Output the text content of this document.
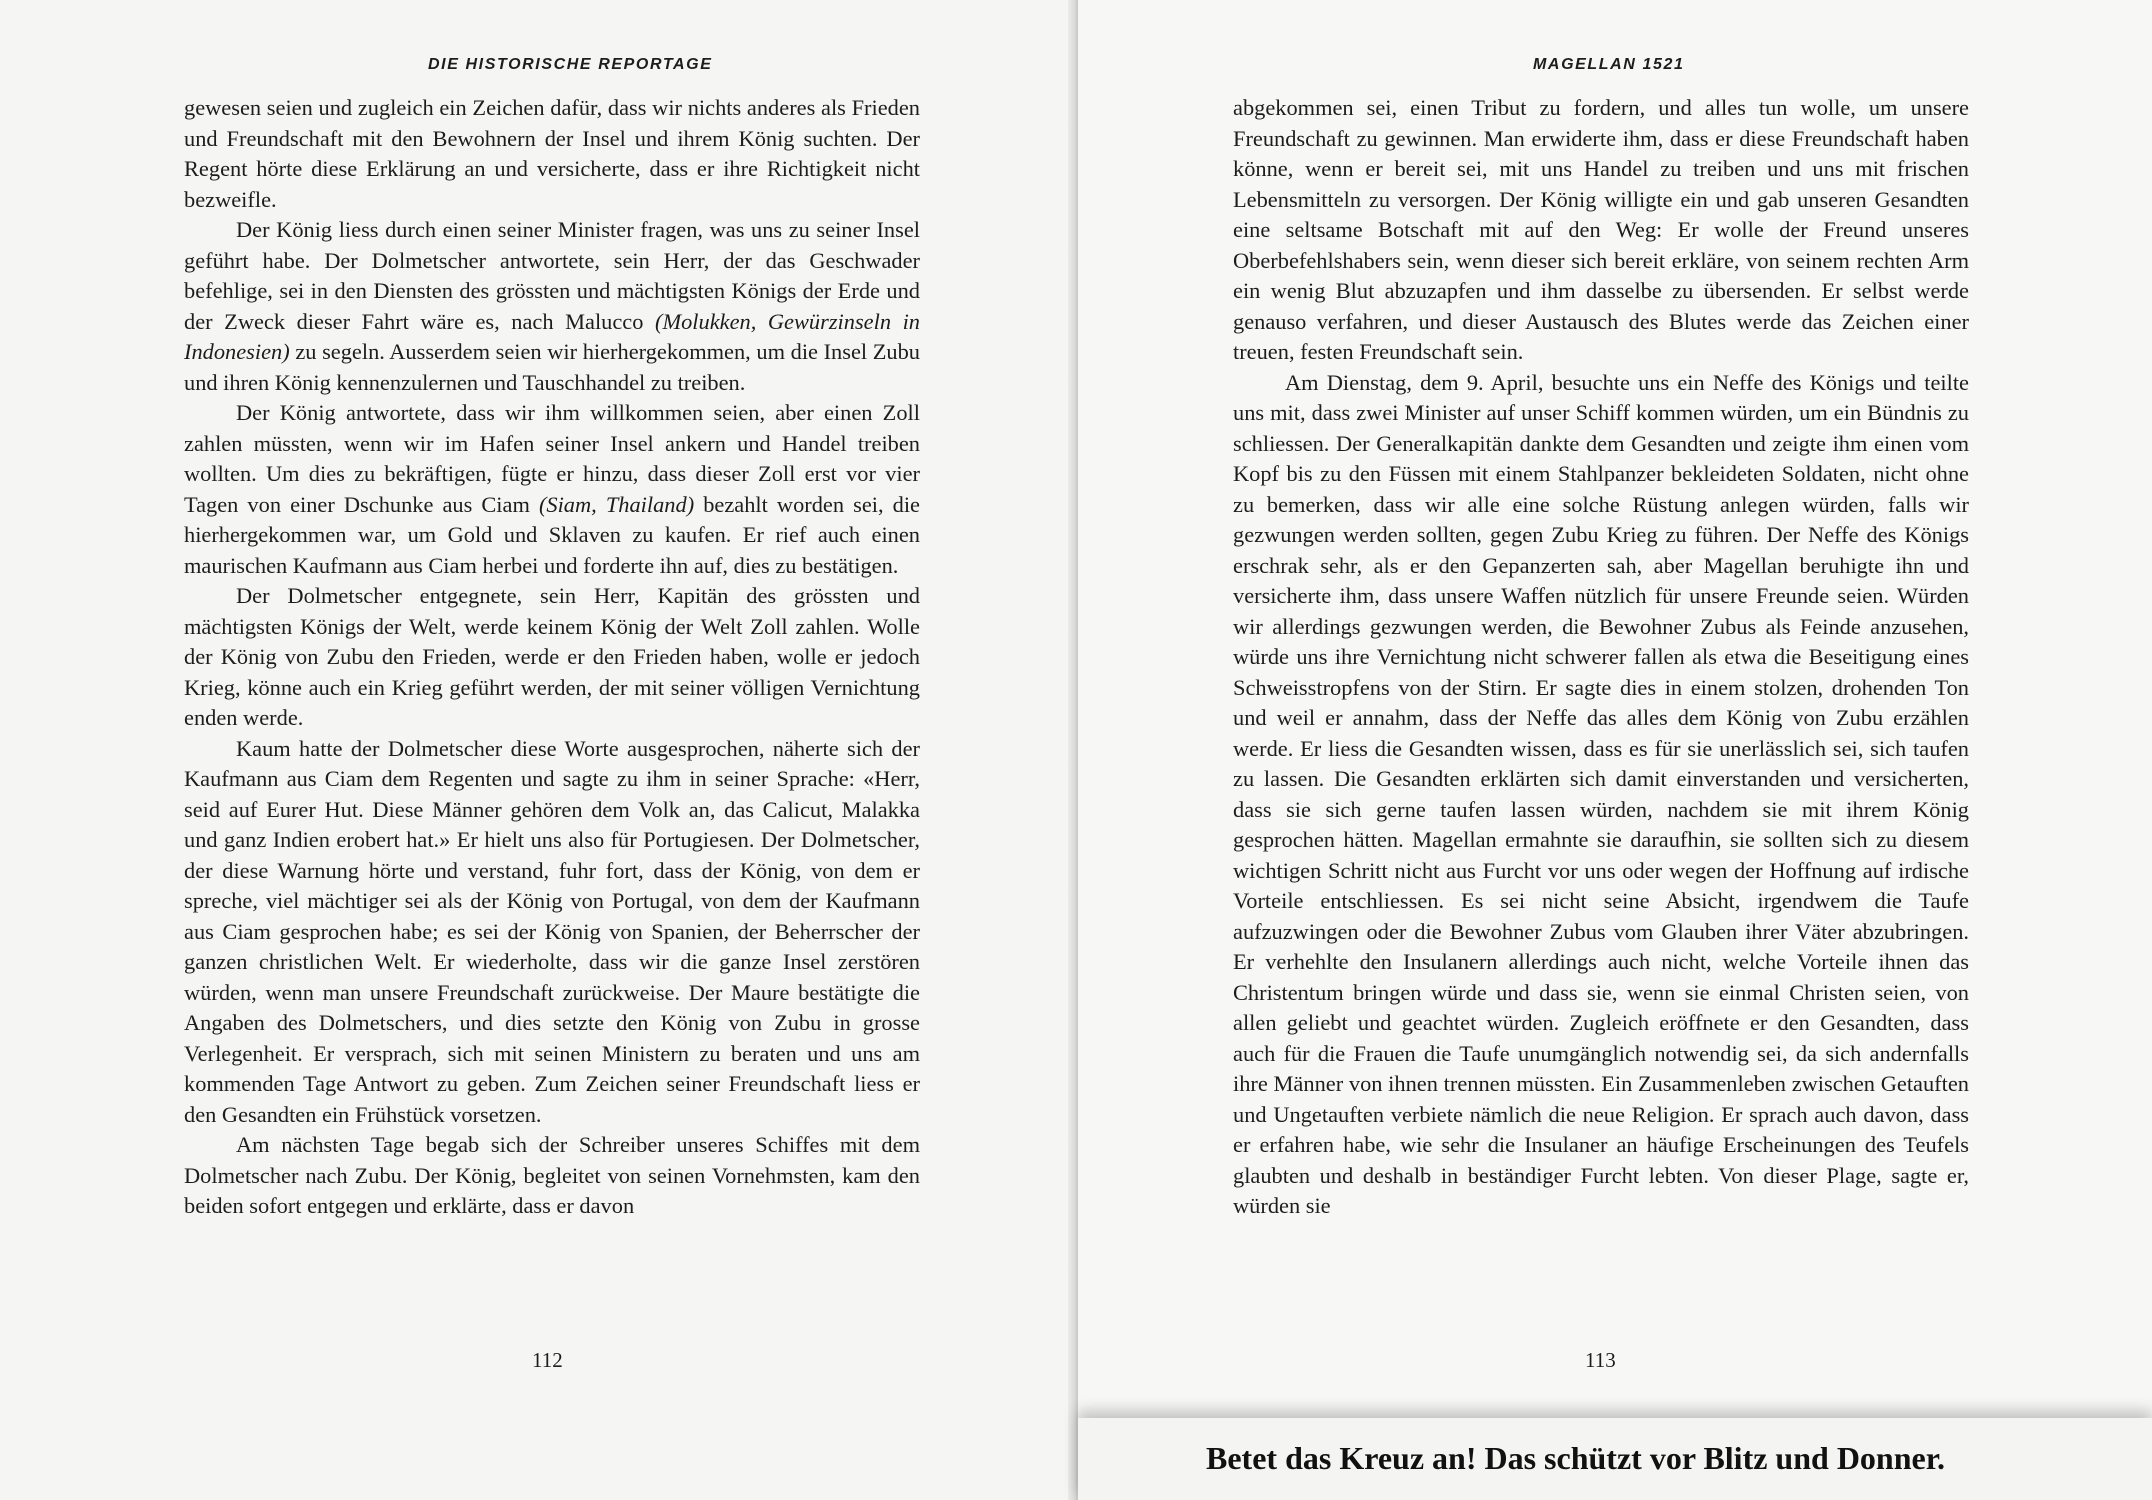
DIE HISTORISCHE REPORTAGE

gewesen seien und zugleich ein Zeichen dafür, dass wir nichts anderes als Frieden und Freundschaft mit den Bewohnern der Insel und ihrem König suchten. Der Regent hörte diese Erklärung an und versicherte, dass er ihre Richtigkeit nicht bezweifle.

Der König liess durch einen seiner Minister fragen, was uns zu seiner Insel geführt habe. Der Dolmetscher antwortete, sein Herr, der das Geschwader befehlige, sei in den Diensten des grössten und mächtigsten Königs der Erde und der Zweck dieser Fahrt wäre es, nach Malucco (Molukken, Gewürzinseln in Indonesien) zu segeln. Ausserdem seien wir hierhergekommen, um die Insel Zubu und ihren König kennenzulernen und Tauschhandel zu treiben.

Der König antwortete, dass wir ihm willkommen seien, aber einen Zoll zahlen müssten, wenn wir im Hafen seiner Insel ankern und Handel treiben wollten. Um dies zu bekräftigen, fügte er hinzu, dass dieser Zoll erst vor vier Tagen von einer Dschunke aus Ciam (Siam, Thailand) bezahlt worden sei, die hierhergekommen war, um Gold und Sklaven zu kaufen. Er rief auch einen maurischen Kaufmann aus Ciam herbei und forderte ihn auf, dies zu bestätigen.

Der Dolmetscher entgegnete, sein Herr, Kapitän des grössten und mächtigsten Königs der Welt, werde keinem König der Welt Zoll zahlen. Wolle der König von Zubu den Frieden, werde er den Frieden haben, wolle er jedoch Krieg, könne auch ein Krieg geführt werden, der mit seiner völligen Vernichtung enden werde.

Kaum hatte der Dolmetscher diese Worte ausgesprochen, näherte sich der Kaufmann aus Ciam dem Regenten und sagte zu ihm in seiner Sprache: «Herr, seid auf Eurer Hut. Diese Männer gehören dem Volk an, das Calicut, Malakka und ganz Indien erobert hat.» Er hielt uns also für Portugiesen. Der Dolmetscher, der diese Warnung hörte und verstand, fuhr fort, dass der König, von dem er spreche, viel mächtiger sei als der König von Portugal, von dem der Kaufmann aus Ciam gesprochen habe; es sei der König von Spanien, der Beherrscher der ganzen christlichen Welt. Er wiederholte, dass wir die ganze Insel zerstören würden, wenn man unsere Freundschaft zurückweise. Der Maure bestätigte die Angaben des Dolmetschers, und dies setzte den König von Zubu in grosse Verlegenheit. Er versprach, sich mit seinen Ministern zu beraten und uns am kommenden Tage Antwort zu geben. Zum Zeichen seiner Freundschaft liess er den Gesandten ein Frühstück vorsetzen.

Am nächsten Tage begab sich der Schreiber unseres Schiffes mit dem Dolmetscher nach Zubu. Der König, begleitet von seinen Vornehmsten, kam den beiden sofort entgegen und erklärte, dass er davon

112
MAGELLAN 1521

abgekommen sei, einen Tribut zu fordern, und alles tun wolle, um unsere Freundschaft zu gewinnen. Man erwiderte ihm, dass er diese Freundschaft haben könne, wenn er bereit sei, mit uns Handel zu treiben und uns mit frischen Lebensmitteln zu versorgen. Der König willigte ein und gab unseren Gesandten eine seltsame Botschaft mit auf den Weg: Er wolle der Freund unseres Oberbefehlshabers sein, wenn dieser sich bereit erkläre, von seinem rechten Arm ein wenig Blut abzuzapfen und ihm dasselbe zu übersenden. Er selbst werde genauso verfahren, und dieser Austausch des Blutes werde das Zeichen einer treuen, festen Freundschaft sein.

Am Dienstag, dem 9. April, besuchte uns ein Neffe des Königs und teilte uns mit, dass zwei Minister auf unser Schiff kommen würden, um ein Bündnis zu schliessen. Der Generalkapitän dankte dem Gesandten und zeigte ihm einen vom Kopf bis zu den Füssen mit einem Stahlpanzer bekleideten Soldaten, nicht ohne zu bemerken, dass wir alle eine solche Rüstung anlegen würden, falls wir gezwungen werden sollten, gegen Zubu Krieg zu führen. Der Neffe des Königs erschrak sehr, als er den Gepanzerten sah, aber Magellan beruhigte ihn und versicherte ihm, dass unsere Waffen nützlich für unsere Freunde seien. Würden wir allerdings gezwungen werden, die Bewohner Zubus als Feinde anzusehen, würde uns ihre Vernichtung nicht schwerer fallen als etwa die Beseitigung eines Schweisstropfens von der Stirn. Er sagte dies in einem stolzen, drohenden Ton und weil er annahm, dass der Neffe das alles dem König von Zubu erzählen werde. Er liess die Gesandten wissen, dass es für sie unerlässlich sei, sich taufen zu lassen. Die Gesandten erklärten sich damit einverstanden und versicherten, dass sie sich gerne taufen lassen würden, nachdem sie mit ihrem König gesprochen hätten. Magellan ermahnte sie daraufhin, sie sollten sich zu diesem wichtigen Schritt nicht aus Furcht vor uns oder wegen der Hoffnung auf irdische Vorteile entschliessen. Es sei nicht seine Absicht, irgendwem die Taufe aufzuzwingen oder die Bewohner Zubus vom Glauben ihrer Väter abzubringen. Er verhehlte den Insulanern allerdings auch nicht, welche Vorteile ihnen das Christentum bringen würde und dass sie, wenn sie einmal Christen seien, von allen geliebt und geachtet würden. Zugleich eröffnete er den Gesandten, dass auch für die Frauen die Taufe unumgänglich notwendig sei, da sich andernfalls ihre Männer von ihnen trennen müssten. Ein Zusammenleben zwischen Getauften und Ungetauften verbiete nämlich die neue Religion. Er sprach auch davon, dass er erfahren habe, wie sehr die Insulaner an häufige Erscheinungen des Teufels glaubten und deshalb in beständiger Furcht lebten. Von dieser Plage, sagte er, würden sie

113
Betet das Kreuz an! Das schützt vor Blitz und Donner.
